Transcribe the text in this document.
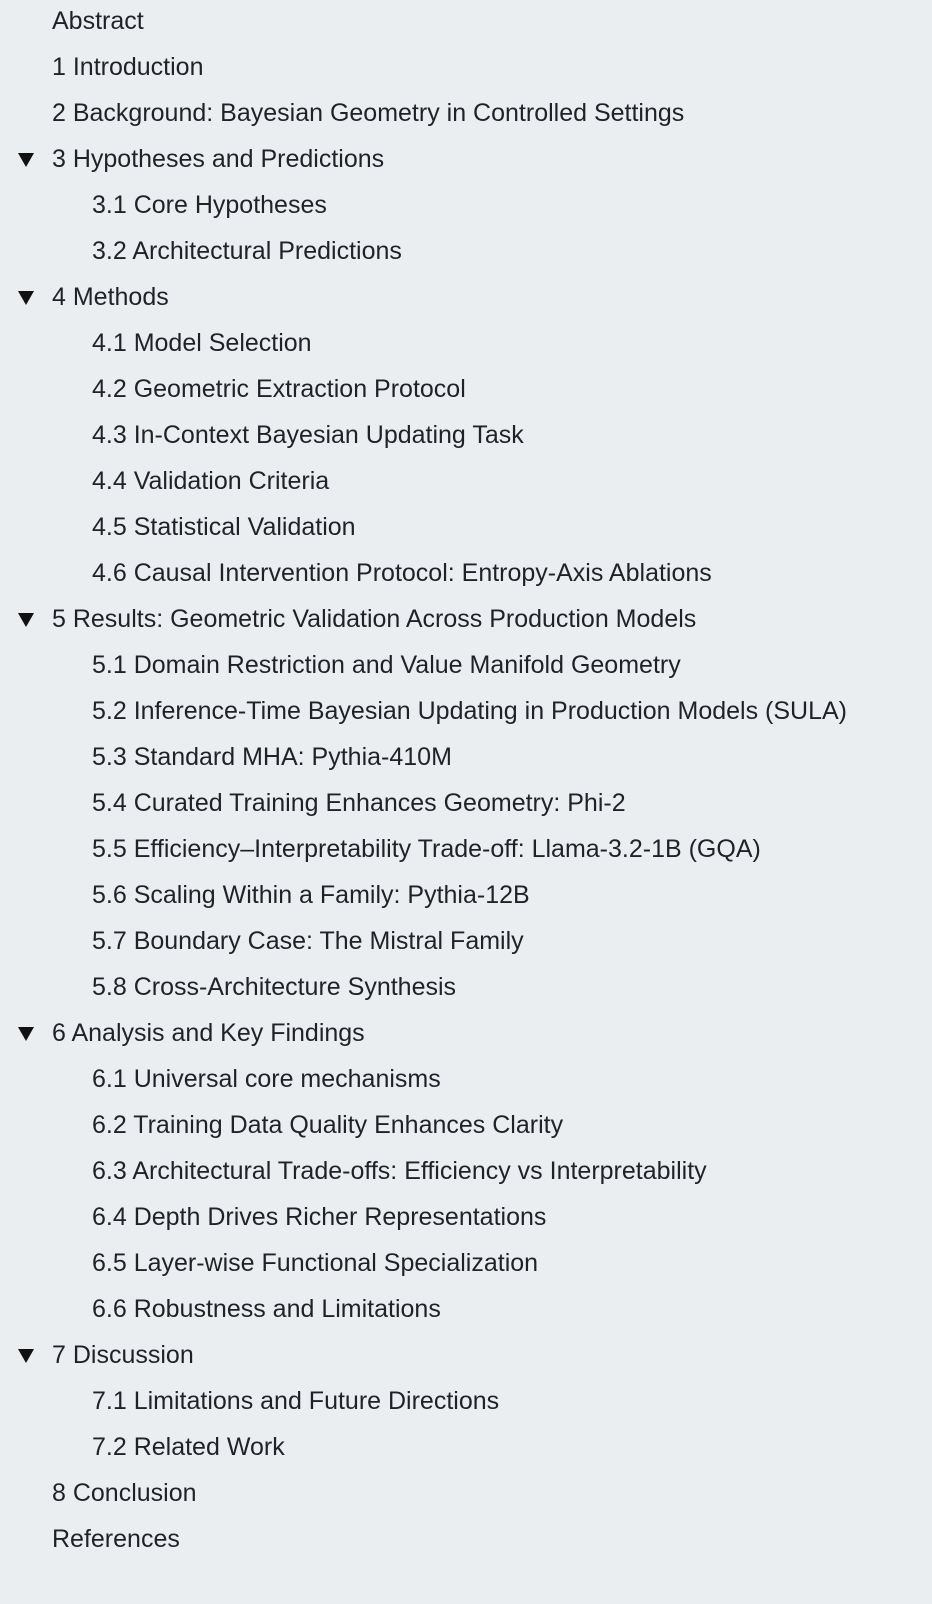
Abstract
1 Introduction
2 Background: Bayesian Geometry in Controlled Settings
3 Hypotheses and Predictions
3.1 Core Hypotheses
3.2 Architectural Predictions
4 Methods
4.1 Model Selection
4.2 Geometric Extraction Protocol
4.3 In-Context Bayesian Updating Task
4.4 Validation Criteria
4.5 Statistical Validation
4.6 Causal Intervention Protocol: Entropy-Axis Ablations
5 Results: Geometric Validation Across Production Models
5.1 Domain Restriction and Value Manifold Geometry
5.2 Inference-Time Bayesian Updating in Production Models (SULA)
5.3 Standard MHA: Pythia-410M
5.4 Curated Training Enhances Geometry: Phi-2
5.5 Efficiency–Interpretability Trade-off: Llama-3.2-1B (GQA)
5.6 Scaling Within a Family: Pythia-12B
5.7 Boundary Case: The Mistral Family
5.8 Cross-Architecture Synthesis
6 Analysis and Key Findings
6.1 Universal core mechanisms
6.2 Training Data Quality Enhances Clarity
6.3 Architectural Trade-offs: Efficiency vs Interpretability
6.4 Depth Drives Richer Representations
6.5 Layer-wise Functional Specialization
6.6 Robustness and Limitations
7 Discussion
7.1 Limitations and Future Directions
7.2 Related Work
8 Conclusion
References
